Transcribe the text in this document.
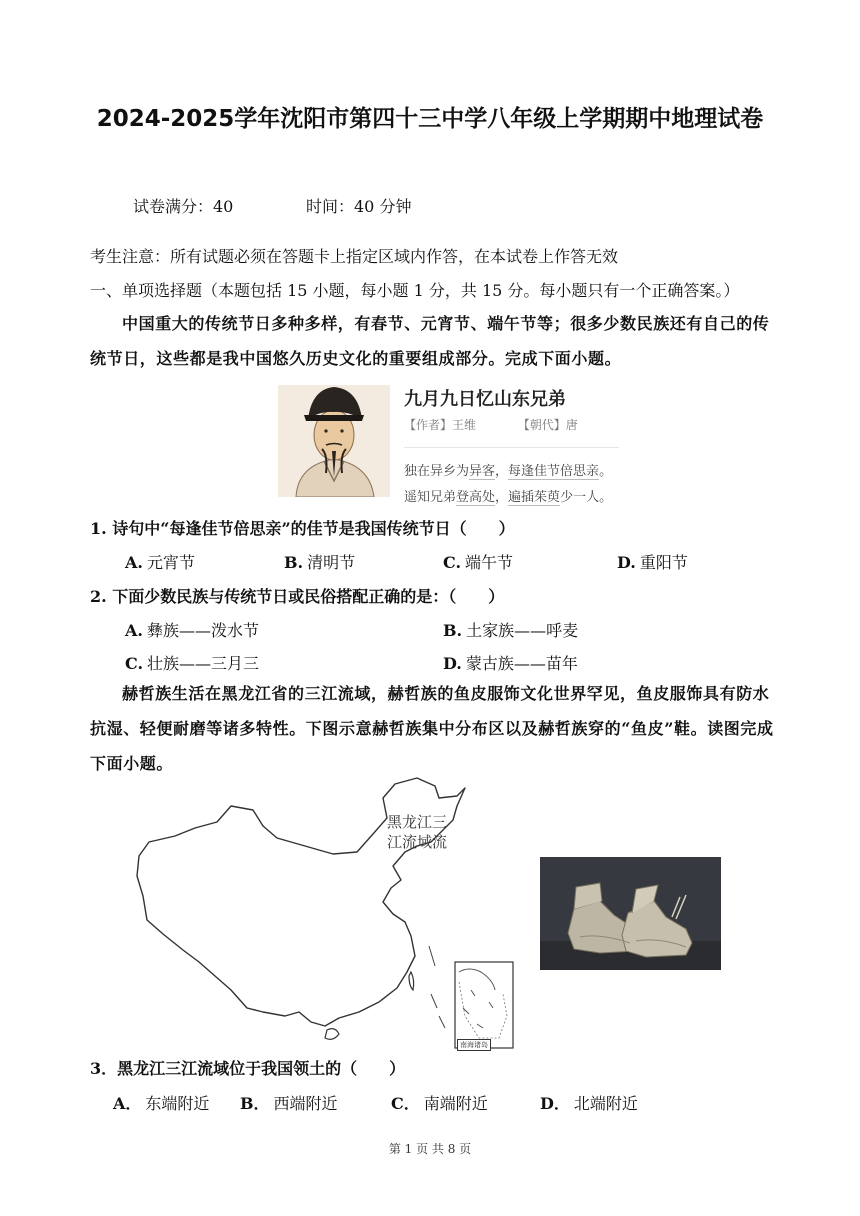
2024-2025学年沈阳市第四十三中学八年级上学期期中地理试卷
试卷满分：40	时间：40 分钟
考生注意：所有试题必须在答题卡上指定区域内作答，在本试卷上作答无效
一、单项选择题（本题包括 15 小题，每小题 1 分，共 15 分。每小题只有一个正确答案。）
中国重大的传统节日多种多样，有春节、元宵节、端午节等；很多少数民族还有自己的传统节日，这些都是我中国悠久历史文化的重要组成部分。完成下面小题。
九月九日忆山东兄弟
【作者】王维	【朝代】唐
独在异乡为异客，每逢佳节倍思亲。
遥知兄弟登高处，遍插茱萸少一人。
1. 诗句中“每逢佳节倍思亲”的佳节是我国传统节日（　　）
A. 元宵节	B. 清明节	C. 端午节	D. 重阳节
2. 下面少数民族与传统节日或民俗搭配正确的是：（　　）
A. 彝族——泼水节	B. 土家族——呼麦
C. 壮族——三月三	D. 蒙古族——苗年
赫哲族生活在黑龙江省的三江流域，赫哲族的鱼皮服饰文化世界罕见，鱼皮服饰具有防水抗湿、轻便耐磨等诸多特性。下图示意赫哲族集中分布区以及赫哲族穿的“鱼皮”鞋。读图完成下面小题。
南海诸岛
黑龙江三
江流域流
3．黑龙江三江流域位于我国领土的（　　）
A． 东端附近 B． 西端附近	C． 南端附近	D． 北端附近
第 1 页 共 8 页
